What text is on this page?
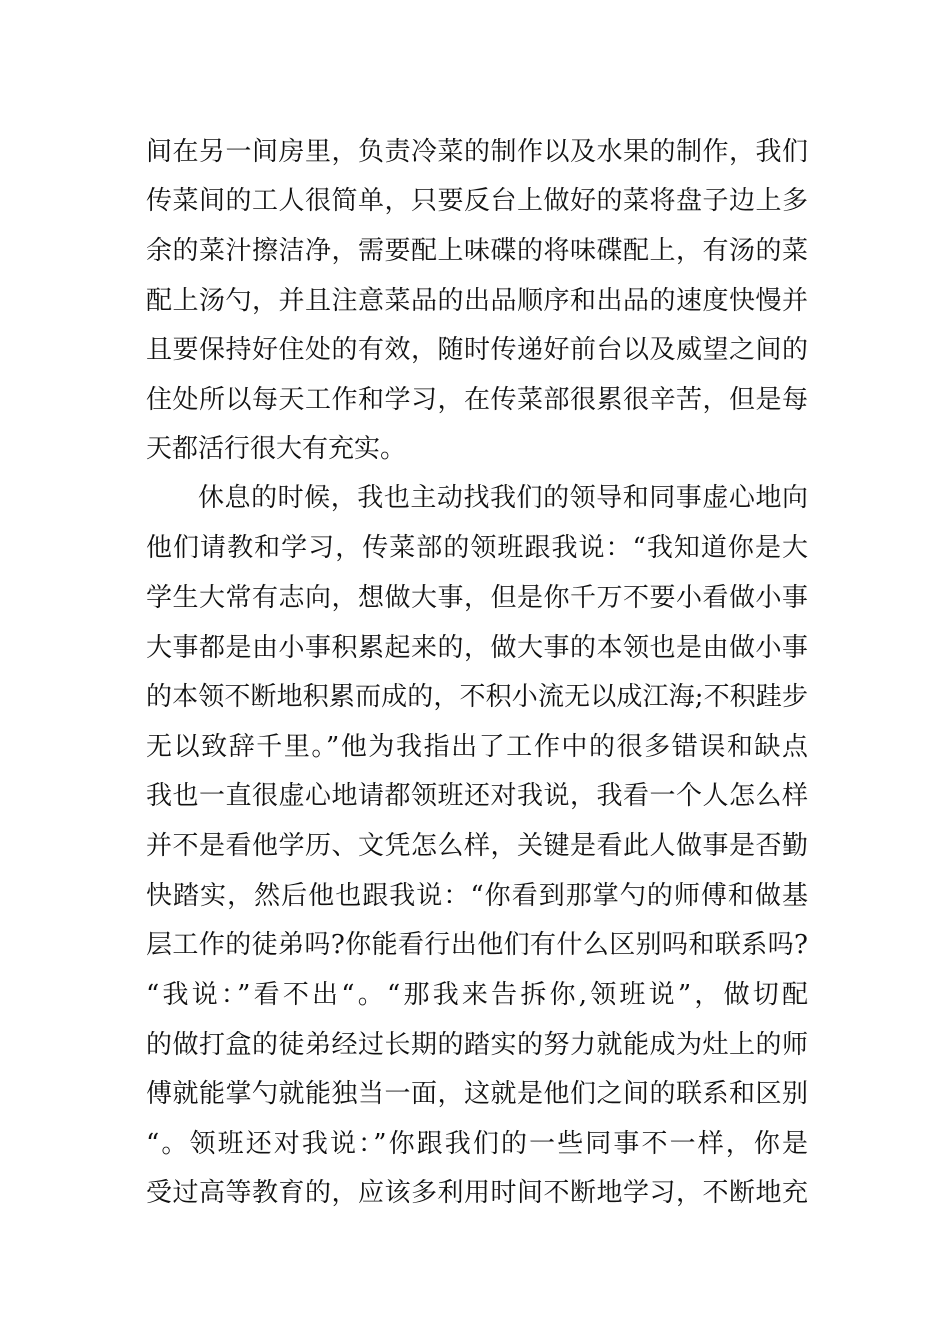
间在另一间房里，负责冷菜的制作以及水果的制作，我们
传菜间的工人很简单，只要反台上做好的菜将盘子边上多
余的菜汁擦洁净，需要配上味碟的将味碟配上，有汤的菜
配上汤勺，并且注意菜品的出品顺序和出品的速度快慢并
且要保持好住处的有效，随时传递好前台以及威望之间的
住处所以每天工作和学习，在传菜部很累很辛苦，但是每
天都活行很大有充实。
休息的时候，我也主动找我们的领导和同事虚心地向
他们请教和学习，传菜部的领班跟我说：“我知道你是大
学生大常有志向，想做大事，但是你千万不要小看做小事
大事都是由小事积累起来的，做大事的本领也是由做小事
的本领不断地积累而成的，不积小流无以成江海;不积跬步
无以致辞千里。”他为我指出了工作中的很多错误和缺点
我也一直很虚心地请都领班还对我说，我看一个人怎么样
并不是看他学历、文凭怎么样，关键是看此人做事是否勤
快踏实，然后他也跟我说：“你看到那掌勺的师傅和做基
层工作的徒弟吗?你能看行出他们有什么区别吗和联系吗?
“我说：”看不出“。“那我来告拆你,领班说”，做切配
的做打盒的徒弟经过长期的踏实的努力就能成为灶上的师
傅就能掌勺就能独当一面，这就是他们之间的联系和区别
“。领班还对我说：”你跟我们的一些同事不一样，你是
受过高等教育的，应该多利用时间不断地学习，不断地充
